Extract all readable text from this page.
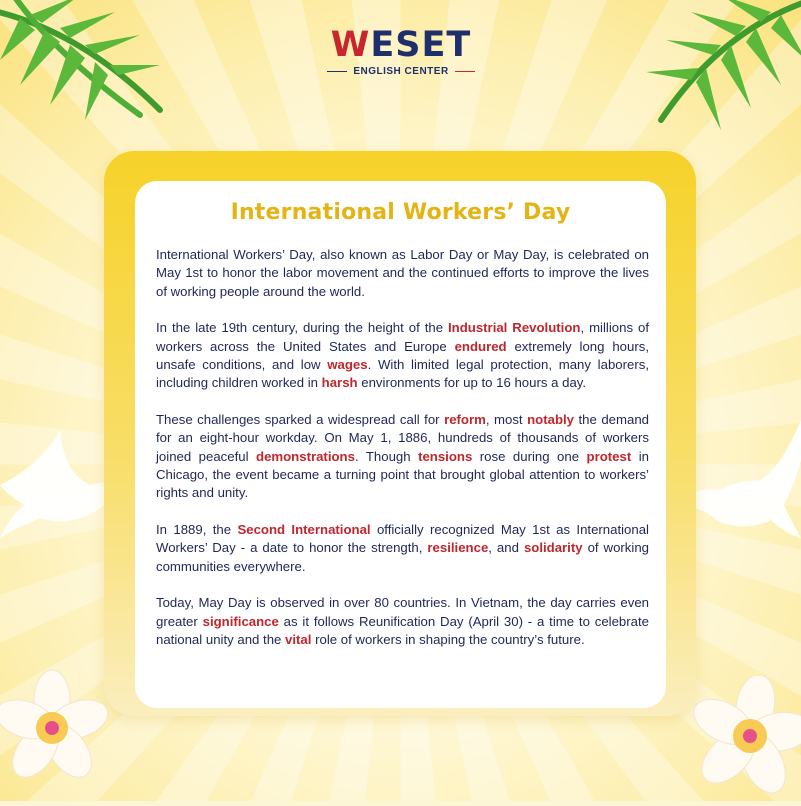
WESET
ENGLISH CENTER
International Workers’ Day

International Workers’ Day, also known as Labor Day or May Day, is celebrated on May 1st to honor the labor movement and the continued efforts to improve the lives of working people around the world.

In the late 19th century, during the height of the Industrial Revolution, millions of workers across the United States and Europe endured extremely long hours, unsafe conditions, and low wages. With limited legal protection, many laborers, including children worked in harsh environments for up to 16 hours a day.

These challenges sparked a widespread call for reform, most notably the demand for an eight-hour workday. On May 1, 1886, hundreds of thousands of workers joined peaceful demonstrations. Though tensions rose during one protest in Chicago, the event became a turning point that brought global attention to workers’ rights and unity.

In 1889, the Second International officially recognized May 1st as International Workers’ Day - a date to honor the strength, resilience, and solidarity of working communities everywhere.

Today, May Day is observed in over 80 countries. In Vietnam, the day carries even greater significance as it follows Reunification Day (April 30) - a time to celebrate national unity and the vital role of workers in shaping the country’s future.
